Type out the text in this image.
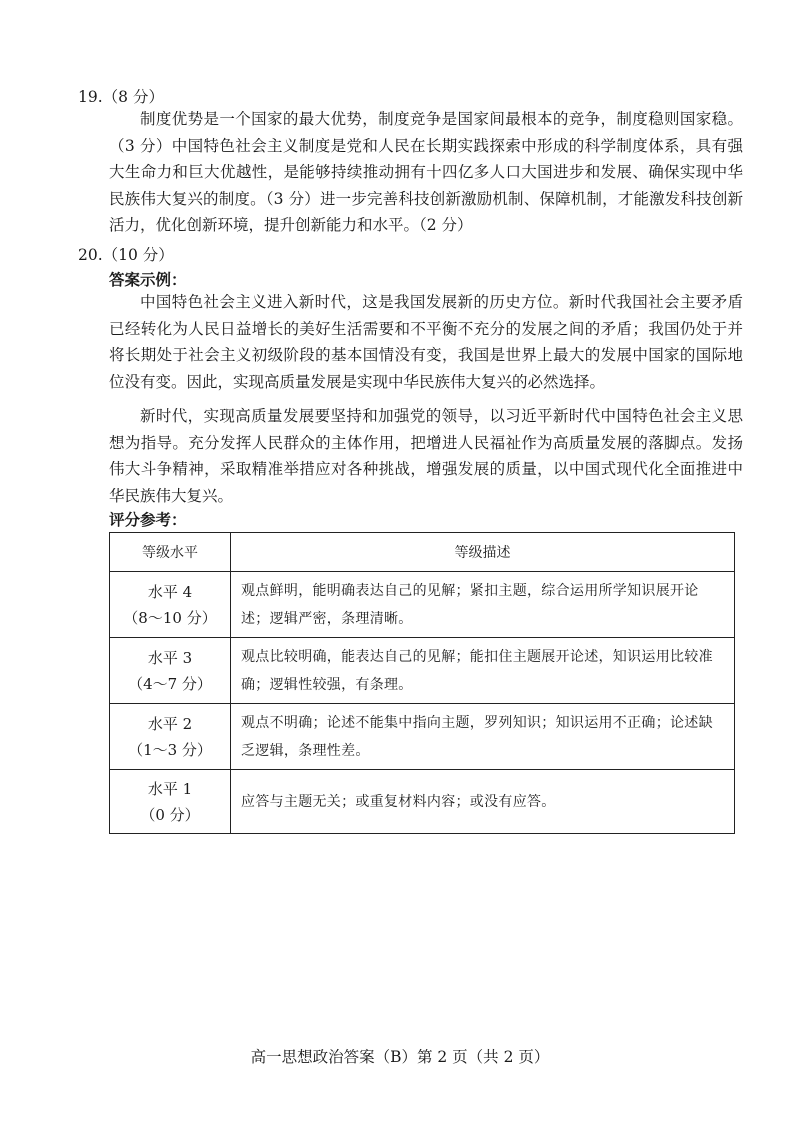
19.（8 分）
制度优势是一个国家的最大优势，制度竞争是国家间最根本的竞争，制度稳则国家稳。（3 分）中国特色社会主义制度是党和人民在长期实践探索中形成的科学制度体系，具有强大生命力和巨大优越性，是能够持续推动拥有十四亿多人口大国进步和发展、确保实现中华民族伟大复兴的制度。（3 分）进一步完善科技创新激励机制、保障机制，才能激发科技创新活力，优化创新环境，提升创新能力和水平。（2 分）
20.（10 分）
答案示例：
中国特色社会主义进入新时代，这是我国发展新的历史方位。新时代我国社会主要矛盾已经转化为人民日益增长的美好生活需要和不平衡不充分的发展之间的矛盾；我国仍处于并将长期处于社会主义初级阶段的基本国情没有变，我国是世界上最大的发展中国家的国际地位没有变。因此，实现高质量发展是实现中华民族伟大复兴的必然选择。
新时代，实现高质量发展要坚持和加强党的领导，以习近平新时代中国特色社会主义思想为指导。充分发挥人民群众的主体作用，把增进人民福祉作为高质量发展的落脚点。发扬伟大斗争精神，采取精准举措应对各种挑战，增强发展的质量，以中国式现代化全面推进中华民族伟大复兴。
评分参考：
等级水平	等级描述

水平 4
（8～10 分）	观点鲜明，能明确表达自己的见解；紧扣主题，综合运用所学知识展开论述；逻辑严密，条理清晰。

水平 3
（4～7 分）	观点比较明确，能表达自己的见解；能扣住主题展开论述，知识运用比较准确；逻辑性较强，有条理。

水平 2
（1～3 分）	观点不明确；论述不能集中指向主题，罗列知识；知识运用不正确；论述缺乏逻辑，条理性差。

水平 1
（0 分）	应答与主题无关；或重复材料内容；或没有应答。
高一思想政治答案（B）第 2 页（共 2 页）
